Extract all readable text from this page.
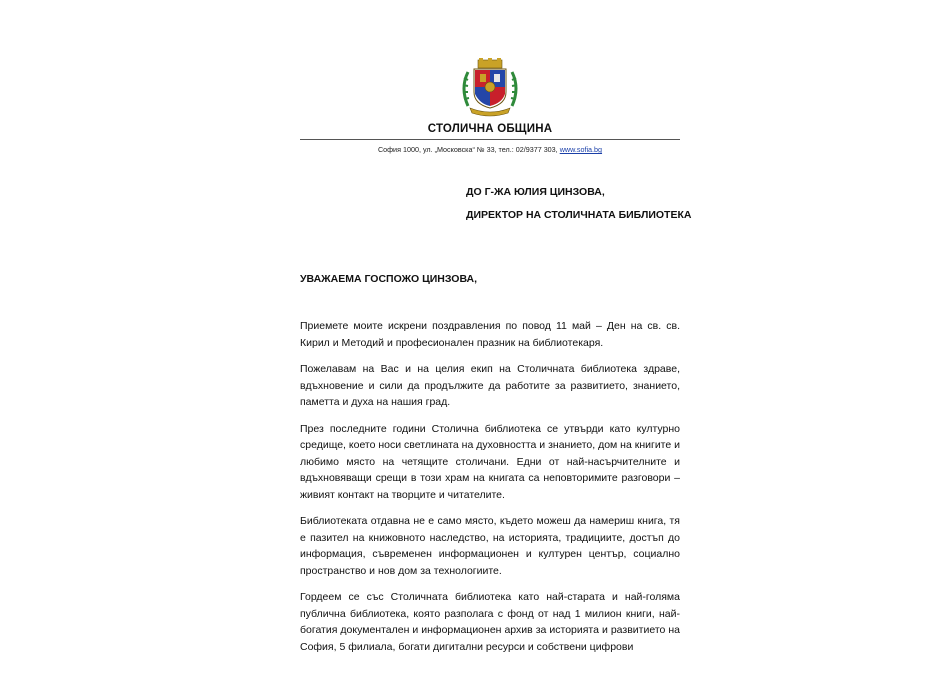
СТОЛИЧНА ОБЩИНА
София 1000, ул. „Московска“ № 33, тел.: 02/9377 303, www.sofia.bg
ДО Г-ЖА ЮЛИЯ ЦИНЗОВА,
ДИРЕКТОР НА СТОЛИЧНАТА БИБЛИОТЕКА
УВАЖАЕМА ГОСПОЖО ЦИНЗОВА,

Приемете моите искрени поздравления по повод 11 май – Ден на св. св. Кирил и Методий и професионален празник на библиотекаря.

Пожелавам на Вас и на целия екип на Столичната библиотека здраве, вдъхновение и сили да продължите да работите за развитието, знанието, паметта и духа на нашия град.

През последните години Столична библиотека се утвърди като културно средище, което носи светлината на духовността и знанието, дом на книгите и любимо място на четящите столичани. Едни от най-насърчителните и вдъхновяващи срещи в този храм на книгата са неповторимите разговори – живият контакт на творците и читателите.

Библиотеката отдавна не е само място, където можеш да намериш книга, тя е пазител на книжовното наследство, на историята, традициите, достъп до информация, съвременен информационен и културен център, социално пространство и нов дом за технологиите.

Гордеем се със Столичната библиотека като най-старата и най-голяма публична библиотека, която разполага с фонд от над 1 милион книги, най-богатия документален и информационен архив за историята и развитието на София, 5 филиала, богати дигитални ресурси и собствени цифрови
